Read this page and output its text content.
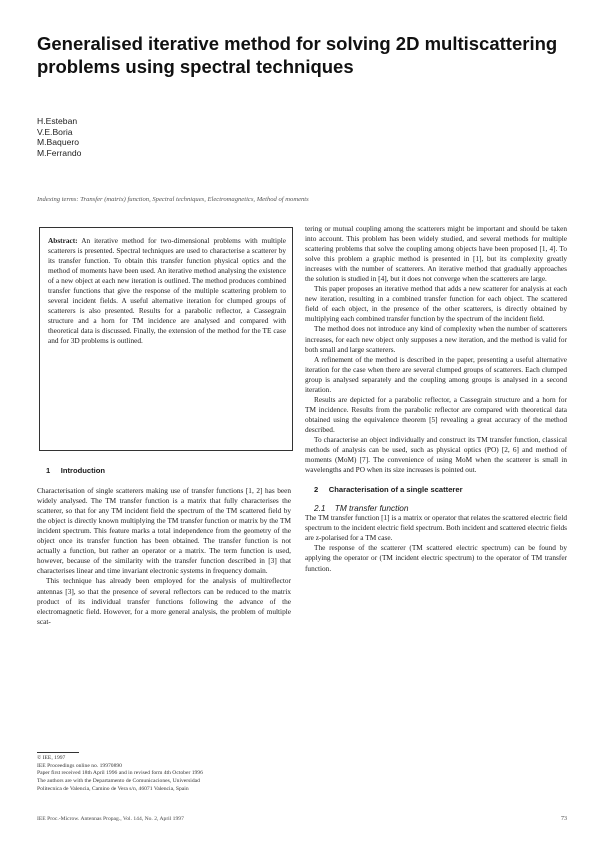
Generalised iterative method for solving 2D multiscattering problems using spectral techniques
H.Esteban
V.E.Boria
M.Baquero
M.Ferrando
Indexing terms: Transfer (matrix) function, Spectral techniques, Electromagnetics, Method of moments

Abstract: An iterative method for two-dimensional problems with multiple scatterers is presented. Spectral techniques are used to characterise a scatterer by its transfer function. To obtain this transfer function physical optics and the method of moments have been used. An iterative method analysing the existence of a new object at each new iteration is outlined. The method produces combined transfer functions that give the response of the multiple scattering problem to several incident fields. A useful alternative iteration for clumped groups of scatterers is also presented. Results for a parabolic reflector, a Cassegrain structure and a horn for TM incidence are analysed and compared with theoretical data is discussed. Finally, the extension of the method for the TE case and for 3D problems is outlined.

1     Introduction

Characterisation of single scatterers making use of transfer functions [1, 2] has been widely analysed. The TM transfer function is a matrix that fully characterises the scatterer, so that for any TM incident field the spectrum of the TM scattered field by the object is directly known multiplying the TM transfer function or matrix by the TM incident spectrum. This feature marks a total independence from the geometry of the object once its transfer function has been obtained. The transfer function is not actually a function, but rather an operator or a matrix. The term function is used, however, because of the similarity with the transfer function described in [3] that characterises linear and time invariant electronic systems in frequency domain.

This technique has already been employed for the analysis of multireflector antennas [3], so that the presence of several reflectors can be reduced to the matrix product of its individual transfer functions following the advance of the electromagnetic field. However, for a more general analysis, the problem of multiple scat-

tering or mutual coupling among the scatterers might be important and should be taken into account. This problem has been widely studied, and several methods for multiple scattering problems that solve the coupling among objects have been proposed [1, 4]. To solve this problem a graphic method is presented in [1], but its complexity greatly increases with the number of scatterers. An iterative method that gradually approaches the solution is studied in [4], but it does not converge when the scatterers are large.

This paper proposes an iterative method that adds a new scatterer for analysis at each new iteration, resulting in a combined transfer function for each object. The scattered field of each object, in the presence of the other scatterers, is directly obtained by multiplying each combined transfer function by the spectrum of the incident field.

The method does not introduce any kind of complexity when the number of scatterers increases, for each new object only supposes a new iteration, and the method is valid for both small and large scatterers.

A refinement of the method is described in the paper, presenting a useful alternative iteration for the case when there are several clumped groups of scatterers. Each clumped group is analysed separately and the coupling among groups is analysed in a second iteration.

Results are depicted for a parabolic reflector, a Cassegrain structure and a horn for TM incidence. Results from the parabolic reflector are compared with theoretical data obtained using the equivalence theorem [5] revealing a great accuracy of the method described.

To characterise an object individually and construct its TM transfer function, classical methods of analysis can be used, such as physical optics (PO) [2, 6] and method of moments (MoM) [7]. The convenience of using MoM when the scatterer is small in wavelengths and PO when its size increases is pointed out.

2     Characterisation of a single scatterer

2.1    TM transfer function

The TM transfer function [1] is a matrix or operator that relates the scattered electric field spectrum to the incident electric field spectrum. Both incident and scattered electric fields are z-polarised for a TM case.

The response of the scatterer (TM scattered electric spectrum) can be found by applying the operator or (TM incident electric spectrum) to the operator of TM transfer function.

© IEE, 1997
IEE Proceedings online no. 19970890
Paper first received 18th April 1996 and in revised form 4th October 1996
The authors are with the Departamento de Comunicaciones, Universidad
Politecnica de Valencia, Camino de Vera s/n, 46071 Valencia, Spain
IEE Proc.-Microw. Antennas Propag., Vol. 144, No. 2, April 1997	73
